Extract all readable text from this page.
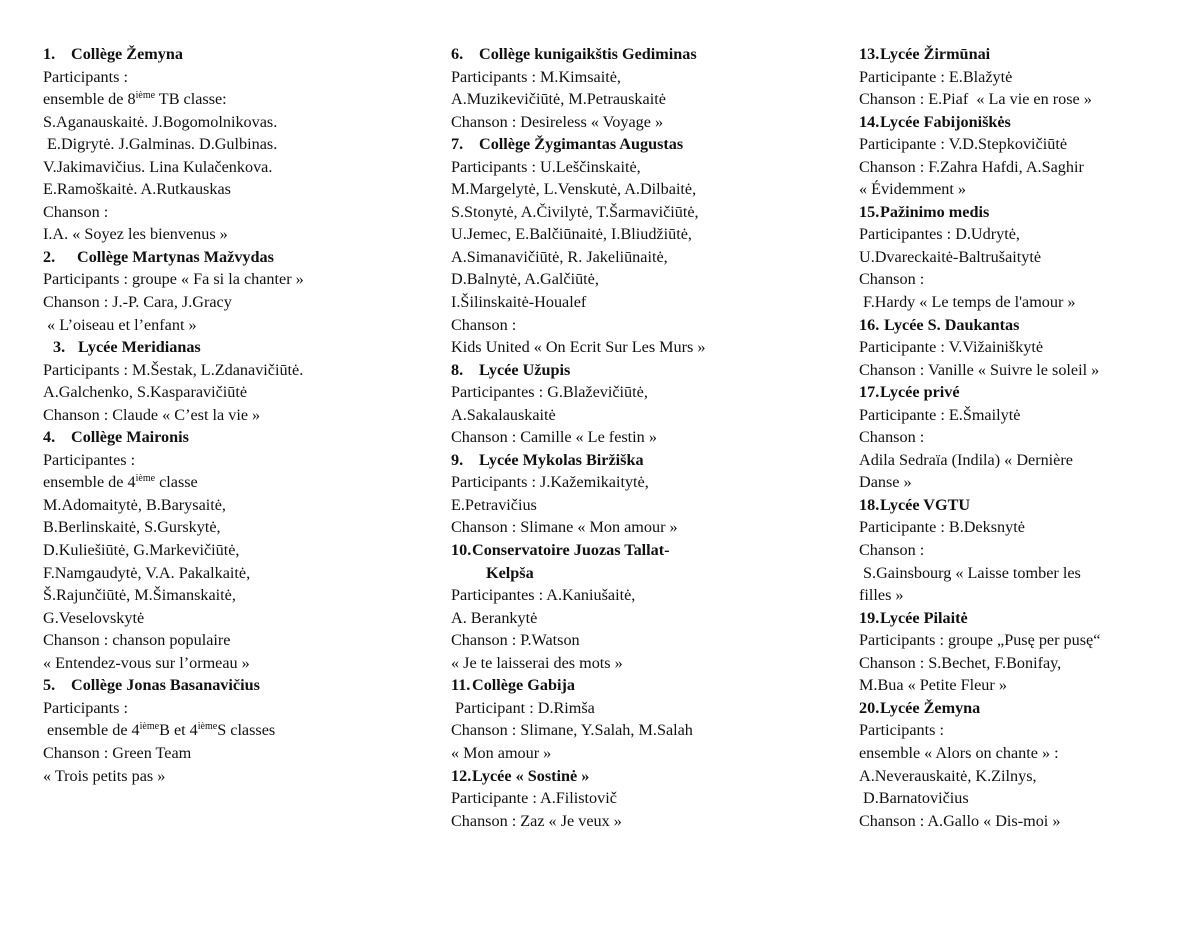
1. Collège Žemyna
Participants :
ensemble de 8ième TB classe:
S.Aganauskaitė. J.Bogomolnikovas.
E.Digrytė. J.Galminas. D.Gulbinas.
V.Jakimavičius. Lina Kulačenkova.
E.Ramoškaitė. A.Rutkauskas
Chanson :
I.A. « Soyez les bienvenus »
2. Collège Martynas Mažvydas
Participants : groupe « Fa si la chanter »
Chanson : J.-P. Cara, J.Gracy
« L’oiseau et l’enfant »
3. Lycée Meridianas
Participants : M.Šestak, L.Zdanavičiūtė.
A.Galchenko, S.Kasparavičiūtė
Chanson : Claude « C’est la vie »
4. Collège Maironis
Participantes :
ensemble de 4ième classe
M.Adomaitytė, B.Barysaitė,
B.Berlinskaitė, S.Gurskytė,
D.Kuliešiūtė, G.Markevičiūtė,
F.Namgaudytė, V.A. Pakalkaitė,
Š.Rajunčiūtė, M.Šimanskaitė,
G.Veselovskytė
Chanson : chanson populaire
« Entendez-vous sur l’ormeau »
5. Collège Jonas Basanavičius
Participants :
ensemble de 4ièmeB et 4ièmeS classes
Chanson : Green Team
« Trois petits pas »
6. Collège kunigaikštis Gediminas
Participants : M.Kimsaitė,
A.Muzikevičiūtė, M.Petrauskaitė
Chanson : Desireless « Voyage »
7. Collège Žygimantas Augustas
Participants : U.Leščinskaitė,
M.Margelytė, L.Venskutė, A.Dilbaitė,
S.Stonytė, A.Čivilytė, T.Šarmavičiūtė,
U.Jemec, E.Balčiūnaitė, I.Bliudžiūtė,
A.Simanavičiūtė, R. Jakeliūnaitė,
D.Balnytė, A.Galčiūtė,
I.Šilinskaitė-Houalef
Chanson :
Kids United « On Ecrit Sur Les Murs »
8. Lycée Užupis
Participantes : G.Blaževičiūtė,
A.Sakalauskaitė
Chanson : Camille « Le festin »
9. Lycée Mykolas Biržiška
Participants : J.Kažemikaitytė,
E.Petravičius
Chanson : Slimane « Mon amour »
10.Conservatoire Juozas Tallat-
Kelpša
Participantes : A.Kaniušaitė,
A. Berankytė
Chanson : P.Watson
« Je te laisserai des mots »
11. Collège Gabija
Participant : D.Rimša
Chanson : Slimane, Y.Salah, M.Salah
« Mon amour »
12.Lycée « Sostinė »
Participante : A.Filistovič
Chanson : Zaz « Je veux »
13.Lycée Žirmūnai
Participante : E.Blažytė
Chanson : E.Piaf  « La vie en rose »
14.Lycée Fabijoniškės
Participante : V.D.Stepkovičiūtė
Chanson : F.Zahra Hafdi, A.Saghir
« Évidemment »
15.Pažinimo medis
Participantes : D.Udrytė,
U.Dvareckaitė-Baltrušaitytė
Chanson :
F.Hardy « Le temps de l'amour »
16. Lycée S. Daukantas
Participante : V.Vižainiškytė
Chanson : Vanille « Suivre le soleil »
17.Lycée privé
Participante : E.Šmailytė
Chanson :
Adila Sedraïa (Indila) « Dernière
Danse »
18.Lycée VGTU
Participante : B.Deksnytė
Chanson :
S.Gainsbourg « Laisse tomber les
filles »
19.Lycée Pilaitė
Participants : groupe „Pusę per pusę“
Chanson : S.Bechet, F.Bonifay,
M.Bua « Petite Fleur »
20.Lycée Žemyna
Participants :
ensemble « Alors on chante » :
A.Neverauskaitė, K.Zilnys,
D.Barnatovičius
Chanson : A.Gallo « Dis-moi »
